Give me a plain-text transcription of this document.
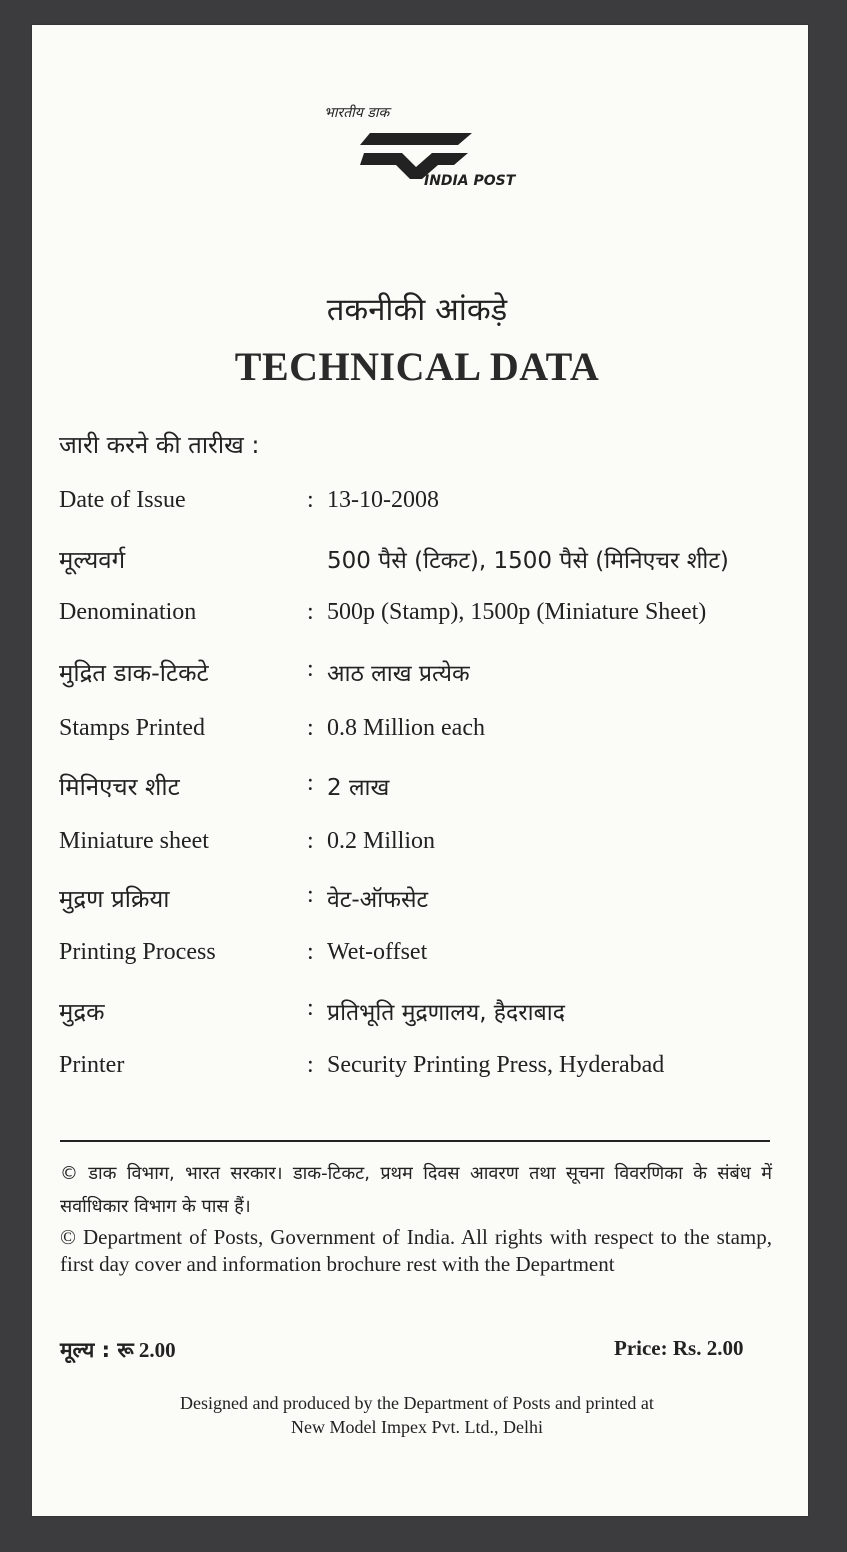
भारतीय डाक
INDIA POST
तकनीकी आंकड़े
TECHNICAL DATA
जारी करने की तारीख :
Date of Issue	: 13-10-2008
मूल्यवर्ग	500 पैसे (टिकट), 1500 पैसे (मिनिएचर शीट)
Denomination	: 500p (Stamp), 1500p (Miniature Sheet)
मुद्रित डाक-टिकटे	: आठ लाख प्रत्येक
Stamps Printed	: 0.8 Million each
मिनिएचर शीट	: 2 लाख
Miniature sheet	: 0.2 Million
मुद्रण प्रक्रिया	: वेट-ऑफसेट
Printing Process	: Wet-offset
मुद्रक	: प्रतिभूति मुद्रणालय, हैदराबाद
Printer	: Security Printing Press, Hyderabad
© डाक विभाग, भारत सरकार। डाक-टिकट, प्रथम दिवस आवरण तथा सूचना विवरणिका के संबंध में सर्वाधिकार विभाग के पास हैं।
© Department of Posts, Government of India. All rights with respect to the stamp, first day cover and information brochure rest with the Department
मूल्य : रू 2.00	Price: Rs. 2.00
Designed and produced by the Department of Posts and printed at
New Model Impex Pvt. Ltd., Delhi
